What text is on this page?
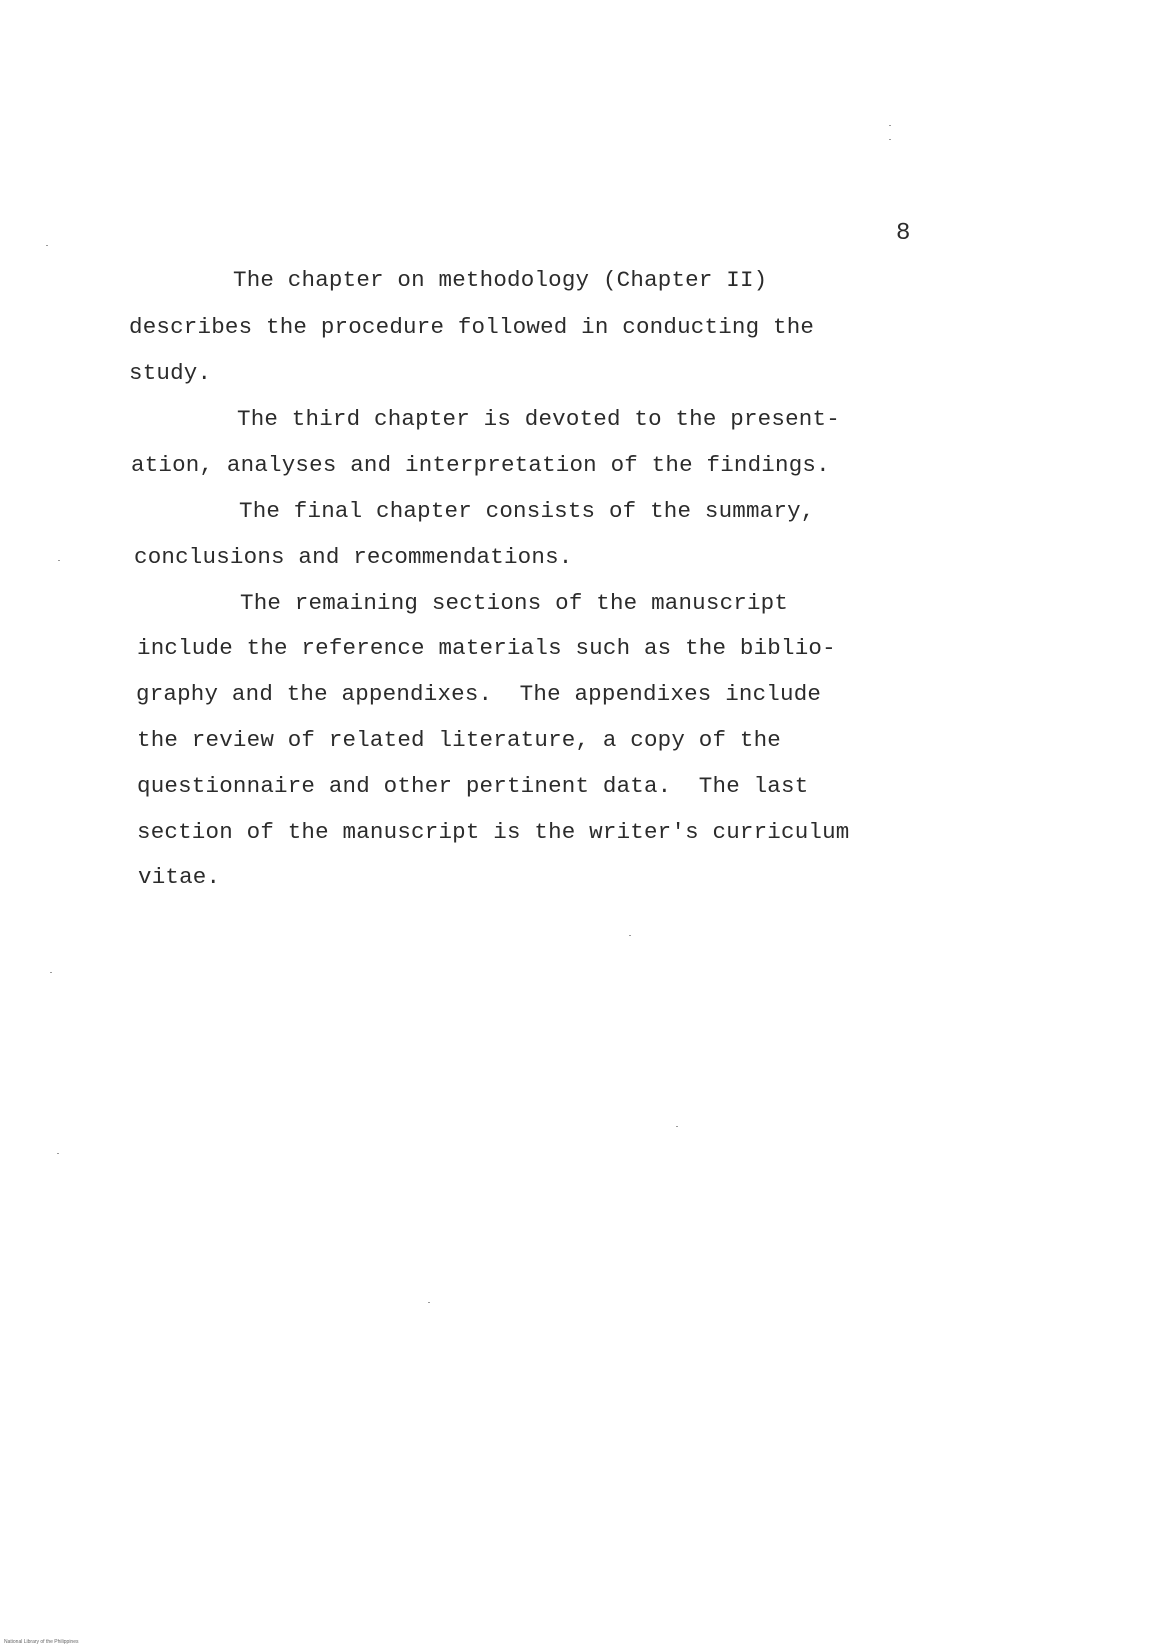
8
The chapter on methodology (Chapter II)
describes the procedure followed in conducting the
study.
The third chapter is devoted to the present-
ation, analyses and interpretation of the findings.
The final chapter consists of the summary,
conclusions and recommendations.
The remaining sections of the manuscript
include the reference materials such as the biblio-
graphy and the appendixes.  The appendixes include
the review of related literature, a copy of the
questionnaire and other pertinent data.  The last
section of the manuscript is the writer's curriculum
vitae.
National Library of the Philippines
